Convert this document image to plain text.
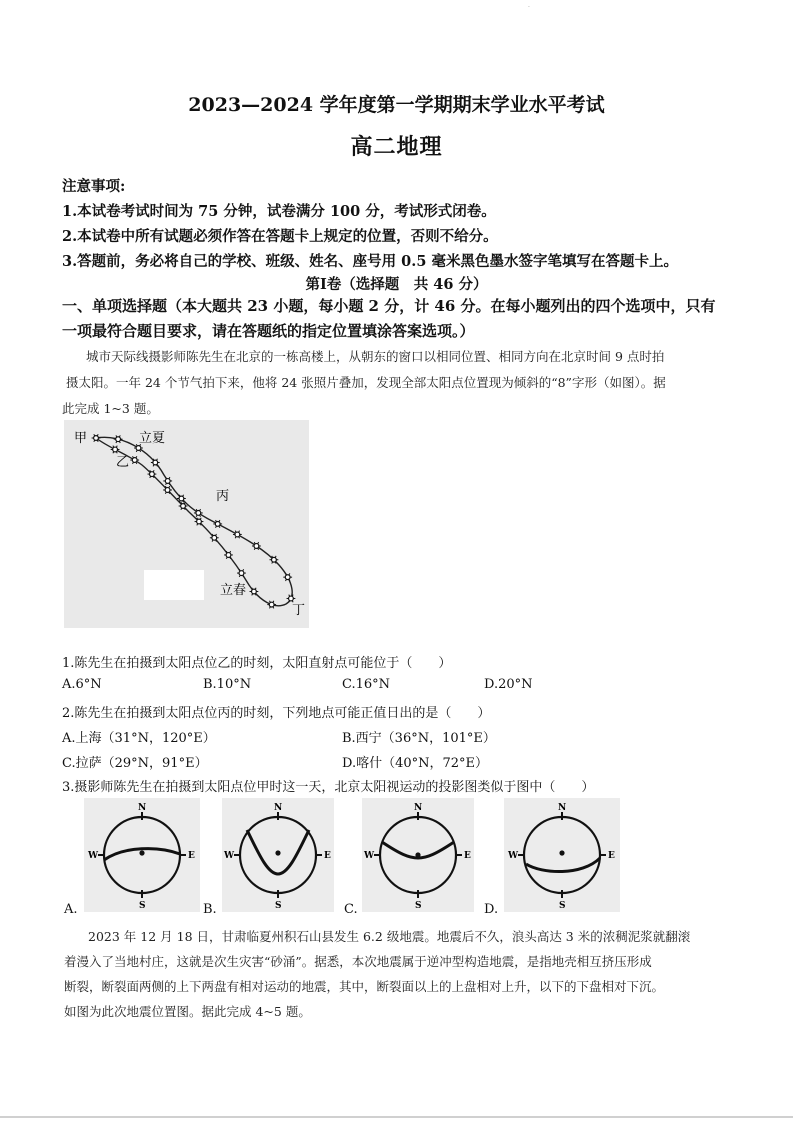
·
2023—2024 学年度第一学期期末学业水平考试
高二地理
注意事项:
1.本试卷考试时间为 75 分钟，试卷满分 100 分，考试形式闭卷。
2.本试卷中所有试题必须作答在答题卡上规定的位置，否则不给分。
3.答题前，务必将自己的学校、班级、姓名、座号用 0.5 毫米黑色墨水签字笔填写在答题卡上。
第Ⅰ卷（选择题　共 46 分）
一、单项选择题（本大题共 23 小题，每小题 2 分，计 46 分。在每小题列出的四个选项中，只有
一项最符合题目要求，请在答题纸的指定位置填涂答案选项。）
城市天际线摄影师陈先生在北京的一栋高楼上，从朝东的窗口以相同位置、相同方向在北京时间 9 点时拍
摄太阳。一年 24 个节气拍下来，他将 24 张照片叠加，发现全部太阳点位置现为倾斜的“8”字形（如图）。据
此完成 1~3 题。
甲
乙
丙
丁
立夏
立春
1.陈先生在拍摄到太阳点位乙的时刻，太阳直射点可能位于（　　）
A.6°N	B.10°N	C.16°N	D.20°N
2.陈先生在拍摄到太阳点位丙的时刻，下列地点可能正值日出的是（　　）
A.上海（31°N，120°E）	B.西宁（36°N，101°E）
C.拉萨（29°N，91°E）	D.喀什（40°N，72°E）
3.摄影师陈先生在拍摄到太阳点位甲时这一天，北京太阳视运动的投影图类似于图中（　　）
N
S
W	E
A.
N
S
W	E
B.
N
S
W	E
C.
N
S
W	E
D.
2023 年 12 月 18 日，甘肃临夏州积石山县发生 6.2 级地震。地震后不久，浪头高达 3 米的浓稠泥浆就翻滚
着漫入了当地村庄，这就是次生灾害“砂涌”。据悉，本次地震属于逆冲型构造地震，是指地壳相互挤压形成
断裂，断裂面两侧的上下两盘有相对运动的地震，其中，断裂面以上的上盘相对上升，以下的下盘相对下沉。
如图为此次地震位置图。据此完成 4~5 题。
